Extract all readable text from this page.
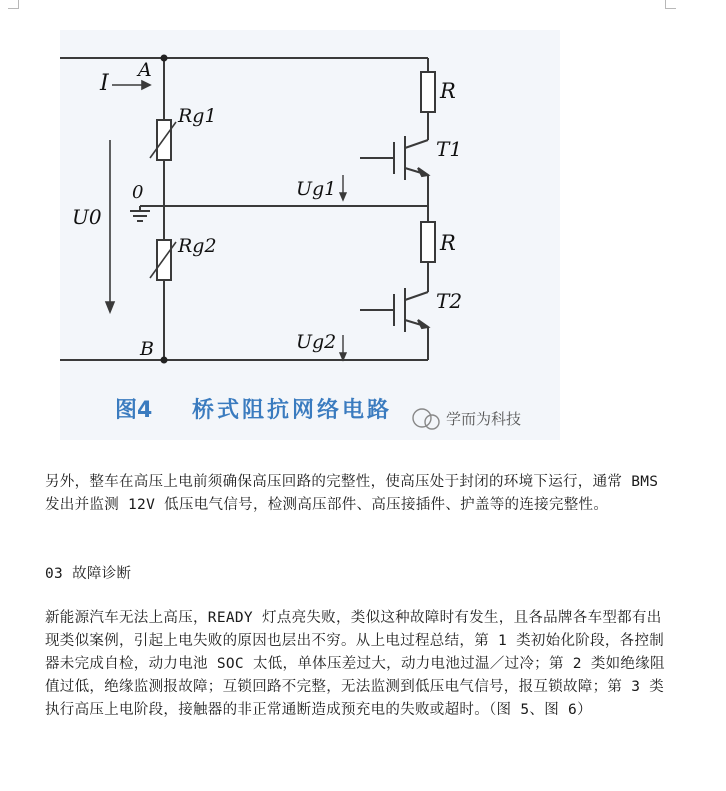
I
A
B
0
Rg1
Rg2
U0
Ug1
Ug2
R
R
T1
T2
图4 桥式阻抗网络电路	学而为科技

另外，整车在高压上电前须确保高压回路的完整性，使高压处于封闭的环境下运行，通常 BMS 发出并监测 12V 低压电气信号，检测高压部件、高压接插件、护盖等的连接完整性。

03 故障诊断

新能源汽车无法上高压，READY 灯点亮失败，类似这种故障时有发生，且各品牌各车型都有出现类似案例，引起上电失败的原因也层出不穷。从上电过程总结，第 1 类初始化阶段，各控制器未完成自检，动力电池 SOC 太低，单体压差过大，动力电池过温／过冷；第 2 类如绝缘阻值过低，绝缘监测报故障；互锁回路不完整，无法监测到低压电气信号，报互锁故障；第 3 类执行高压上电阶段，接触器的非正常通断造成预充电的失败或超时。（图 5、图 6）
